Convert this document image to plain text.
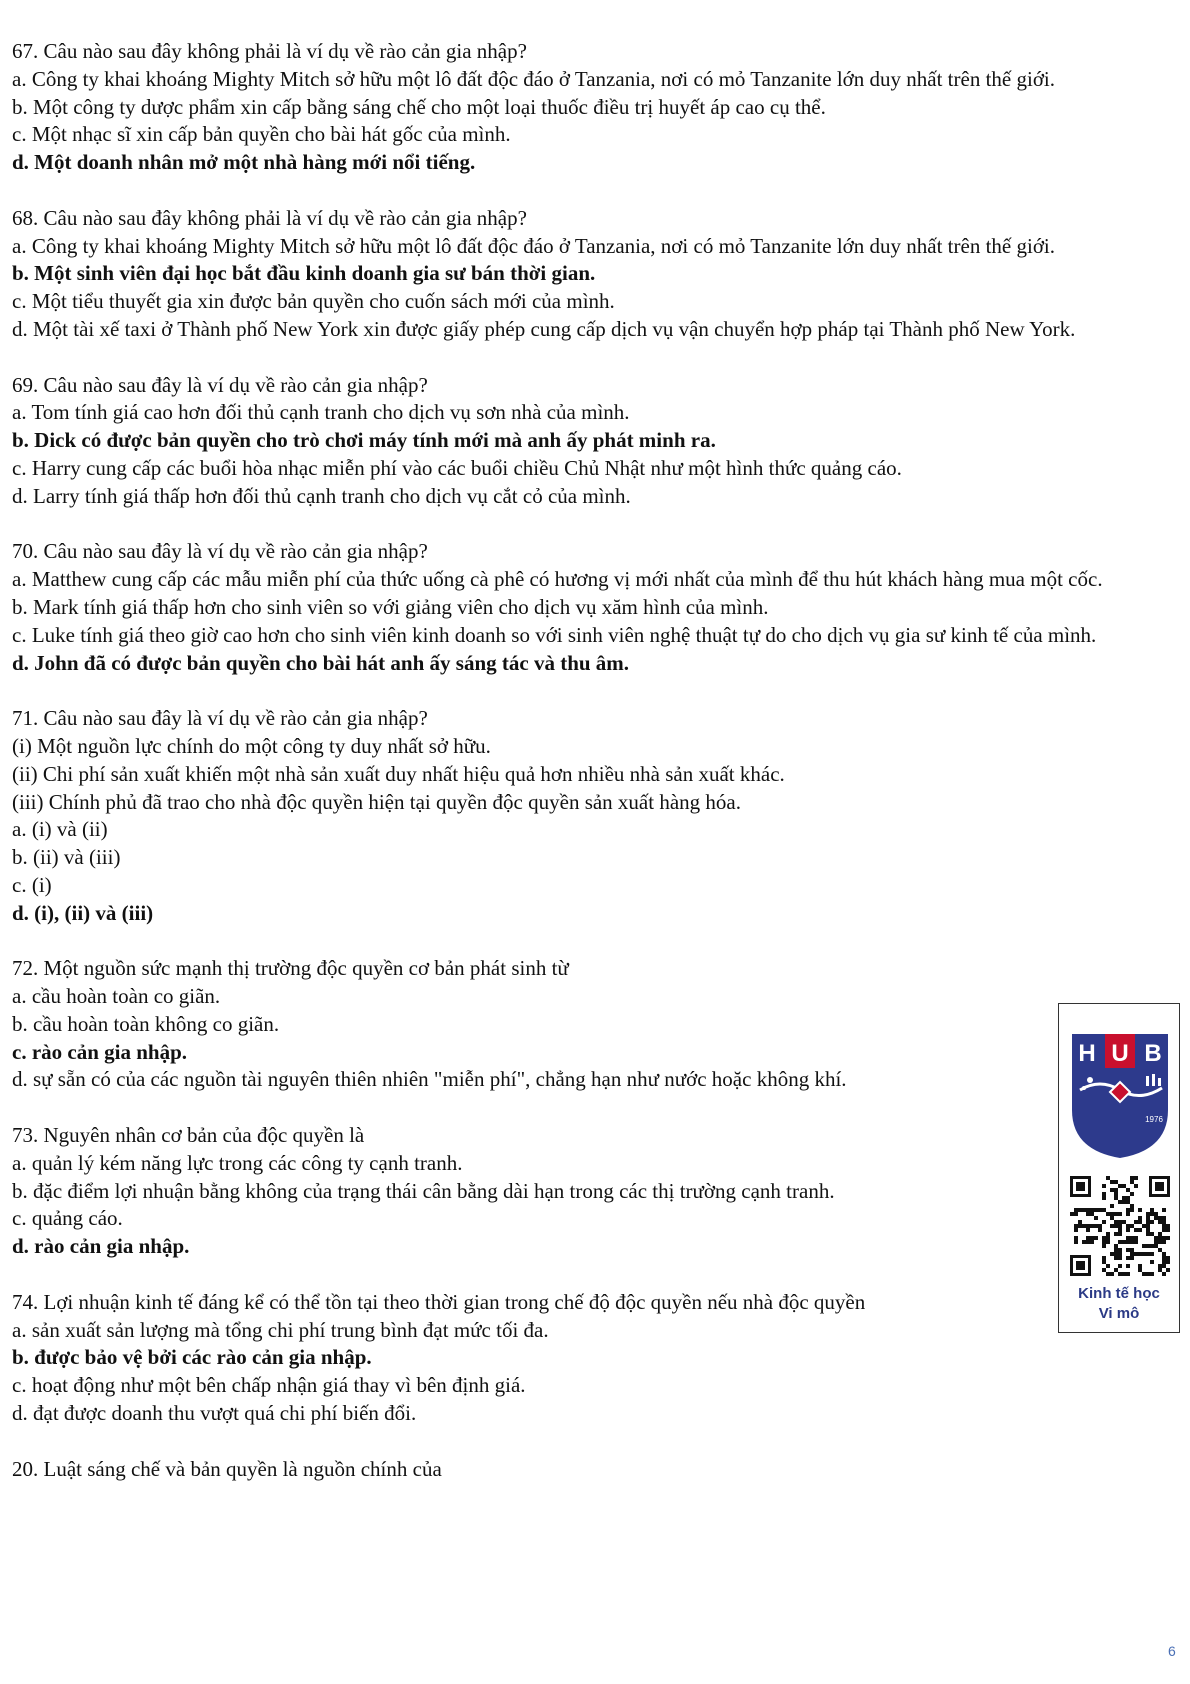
67. Câu nào sau đây không phải là ví dụ về rào cản gia nhập?
a. Công ty khai khoáng Mighty Mitch sở hữu một lô đất độc đáo ở Tanzania, nơi có mỏ Tanzanite lớn duy nhất trên thế giới.
b. Một công ty dược phẩm xin cấp bằng sáng chế cho một loại thuốc điều trị huyết áp cao cụ thể.
c. Một nhạc sĩ xin cấp bản quyền cho bài hát gốc của mình.
d. Một doanh nhân mở một nhà hàng mới nổi tiếng.
68. Câu nào sau đây không phải là ví dụ về rào cản gia nhập?
a. Công ty khai khoáng Mighty Mitch sở hữu một lô đất độc đáo ở Tanzania, nơi có mỏ Tanzanite lớn duy nhất trên thế giới.
b. Một sinh viên đại học bắt đầu kinh doanh gia sư bán thời gian.
c. Một tiểu thuyết gia xin được bản quyền cho cuốn sách mới của mình.
d. Một tài xế taxi ở Thành phố New York xin được giấy phép cung cấp dịch vụ vận chuyển hợp pháp tại Thành phố New York.
69. Câu nào sau đây là ví dụ về rào cản gia nhập?
a. Tom tính giá cao hơn đối thủ cạnh tranh cho dịch vụ sơn nhà của mình.
b. Dick có được bản quyền cho trò chơi máy tính mới mà anh ấy phát minh ra.
c. Harry cung cấp các buổi hòa nhạc miễn phí vào các buổi chiều Chủ Nhật như một hình thức quảng cáo.
d. Larry tính giá thấp hơn đối thủ cạnh tranh cho dịch vụ cắt cỏ của mình.
70. Câu nào sau đây là ví dụ về rào cản gia nhập?
a. Matthew cung cấp các mẫu miễn phí của thức uống cà phê có hương vị mới nhất của mình để thu hút khách hàng mua một cốc.
b. Mark tính giá thấp hơn cho sinh viên so với giảng viên cho dịch vụ xăm hình của mình.
c. Luke tính giá theo giờ cao hơn cho sinh viên kinh doanh so với sinh viên nghệ thuật tự do cho dịch vụ gia sư kinh tế của mình.
d. John đã có được bản quyền cho bài hát anh ấy sáng tác và thu âm.
71. Câu nào sau đây là ví dụ về rào cản gia nhập?
(i) Một nguồn lực chính do một công ty duy nhất sở hữu.
(ii) Chi phí sản xuất khiến một nhà sản xuất duy nhất hiệu quả hơn nhiều nhà sản xuất khác.
(iii) Chính phủ đã trao cho nhà độc quyền hiện tại quyền độc quyền sản xuất hàng hóa.
a. (i) và (ii)
b. (ii) và (iii)
c. (i)
d. (i), (ii) và (iii)
72. Một nguồn sức mạnh thị trường độc quyền cơ bản phát sinh từ
a. cầu hoàn toàn co giãn.
b. cầu hoàn toàn không co giãn.
c. rào cản gia nhập.
d. sự sẵn có của các nguồn tài nguyên thiên nhiên "miễn phí", chẳng hạn như nước hoặc không khí.
73. Nguyên nhân cơ bản của độc quyền là
a. quản lý kém năng lực trong các công ty cạnh tranh.
b. đặc điểm lợi nhuận bằng không của trạng thái cân bằng dài hạn trong các thị trường cạnh tranh.
c. quảng cáo.
d. rào cản gia nhập.
74. Lợi nhuận kinh tế đáng kể có thể tồn tại theo thời gian trong chế độ độc quyền nếu nhà độc quyền
a. sản xuất sản lượng mà tổng chi phí trung bình đạt mức tối đa.
b. được bảo vệ bởi các rào cản gia nhập.
c. hoạt động như một bên chấp nhận giá thay vì bên định giá.
d. đạt được doanh thu vượt quá chi phí biến đổi.
20. Luật sáng chế và bản quyền là nguồn chính của
H U B
1976
Kinh tế học
Vi mô
6
